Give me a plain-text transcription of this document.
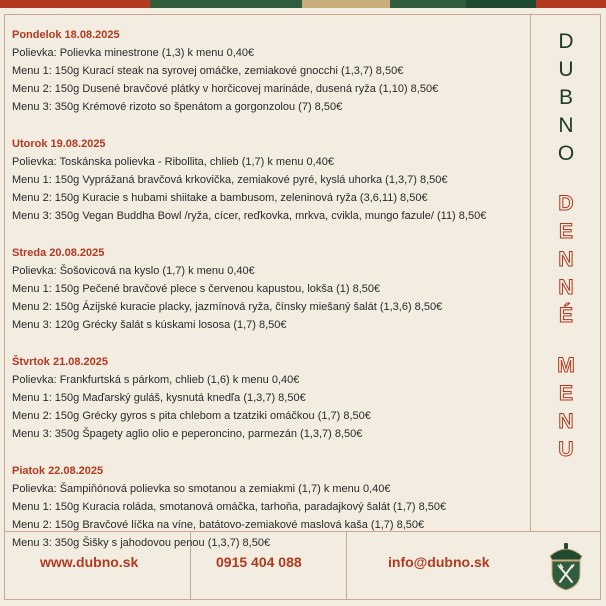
Pondelok 18.08.2025
Polievka: Polievka minestrone (1,3) k menu 0,40€
Menu 1: 150g Kurací steak na syrovej omáčke, zemiakové gnocchi (1,3,7) 8,50€
Menu 2: 150g Dusené bravčové plátky v horčicovej marináde, dusená ryža (1,10) 8,50€
Menu 3: 350g Krémové rizoto so špenátom a gorgonzolou (7) 8,50€
Utorok 19.08.2025
Polievka: Toskánska polievka - Ribollita, chlieb (1,7) k menu 0,40€
Menu 1: 150g Vyprážaná bravčová krkovička, zemiakové pyré, kyslá uhorka (1,3,7) 8,50€
Menu 2: 150g Kuracie s hubami shiitake a bambusom, zeleninová ryža (3,6,11) 8,50€
Menu 3: 350g Vegan Buddha Bowl /ryža, cícer, reďkovka, mrkva, cvikla, mungo fazule/ (11) 8,50€
Streda 20.08.2025
Polievka: Šošovicová na kyslo (1,7) k menu 0,40€
Menu 1: 150g Pečené bravčové plece s červenou kapustou, lokša (1) 8,50€
Menu 2: 150g Ázijské kuracie placky, jazmínová ryža, čínsky miešaný šalát (1,3,6) 8,50€
Menu 3: 120g Grécky šalát s kúskami lososa (1,7) 8,50€
Štvrtok 21.08.2025
Polievka: Frankfurtská s párkom, chlieb (1,6) k menu 0,40€
Menu 1: 150g Maďarský guláš, kysnutá knedľa (1,3,7) 8,50€
Menu 2: 150g Grécky gyros s pita chlebom a tzatziki omáčkou (1,7) 8,50€
Menu 3: 350g Špagety aglio olio e peperoncino, parmezán (1,3,7) 8,50€
Piatok 22.08.2025
Polievka: Šampiňónová polievka so smotanou a zemiakmi (1,7) k menu 0,40€
Menu 1: 150g Kuracia roláda, smotanová omáčka, tarhoňa, paradajkový šalát (1,7) 8,50€
Menu 2: 150g Bravčové líčka na víne, batátovo-zemiakové maslová kaša (1,7) 8,50€
Menu 3: 350g Šišky s jahodovou penou (1,3,7) 8,50€
D
U
B
N
O
D
E
N
N
É
M
E
N
U
www.dubno.sk	0915 404 088	info@dubno.sk
